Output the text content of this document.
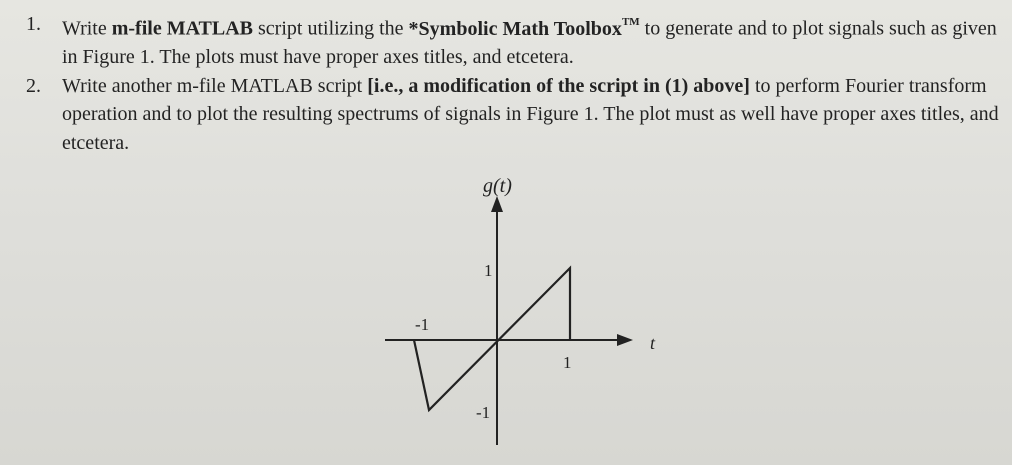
1.	Write m-file MATLAB script utilizing the *Symbolic Math Toolbox™ to generate and to plot signals such as given in Figure 1. The plots must have proper axes titles, and etcetera.
2.	Write another m-file MATLAB script [i.e., a modification of the script in (1) above] to perform Fourier transform operation and to plot the resulting spectrums of signals in Figure 1. The plot must as well have proper axes titles, and etcetera.
g(t)
t
1
-1
-1
1
